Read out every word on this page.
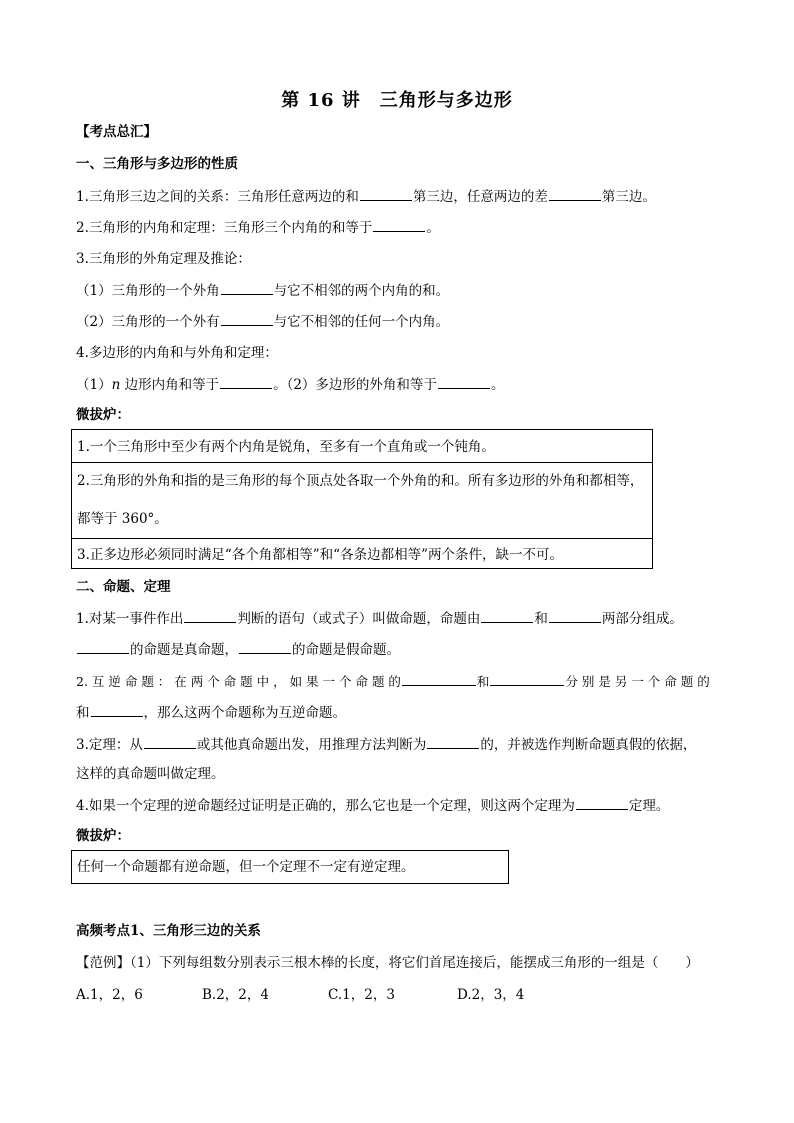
第 16 讲　三角形与多边形
【考点总汇】
一、三角形与多边形的性质
1.三角形三边之间的关系：三角形任意两边的和	第三边，任意两边的差	第三边。
2.三角形的内角和定理：三角形三个内角的和等于	。
3.三角形的外角定理及推论：
（1）三角形的一个外角	与它不相邻的两个内角的和。
（2）三角形的一个外有	与它不相邻的任何一个内角。
4.多边形的内角和与外角和定理：
（1）n 边形内角和等于	。（2）多边形的外角和等于	。
微拔炉：
1.一个三角形中至少有两个内角是锐角，至多有一个直角或一个钝角。
2.三角形的外角和指的是三角形的每个顶点处各取一个外角的和。所有多边形的外角和都相等，
都等于 360°。
3.正多边形必须同时满足“各个角都相等”和“各条边都相等”两个条件，缺一不可。
二、命题、定理
1.对某一事件作出	判断的语句（或式子）叫做命题，命题由	和	两部分组成。
的命题是真命题，	的命题是假命题。
2. 互 逆 命 题 ： 在 两 个 命 题 中 ， 如 果 一 个 命 题 的	和	分 别 是 另 一 个 命 题 的
和	，那么这两个命题称为互逆命题。
3.定理：从	或其他真命题出发，用推理方法判断为	的，并被选作判断命题真假的依据，
这样的真命题叫做定理。
4.如果一个定理的逆命题经过证明是正确的，那么它也是一个定理，则这两个定理为	定理。
微拔炉：
任何一个命题都有逆命题，但一个定理不一定有逆定理。
高频考点1、三角形三边的关系
【范例】（1）下列每组数分别表示三根木棒的长度，将它们首尾连接后，能摆成三角形的一组是（　　）
A.1，2，6	B.2，2，4	C.1，2，3	D.2，3，4
